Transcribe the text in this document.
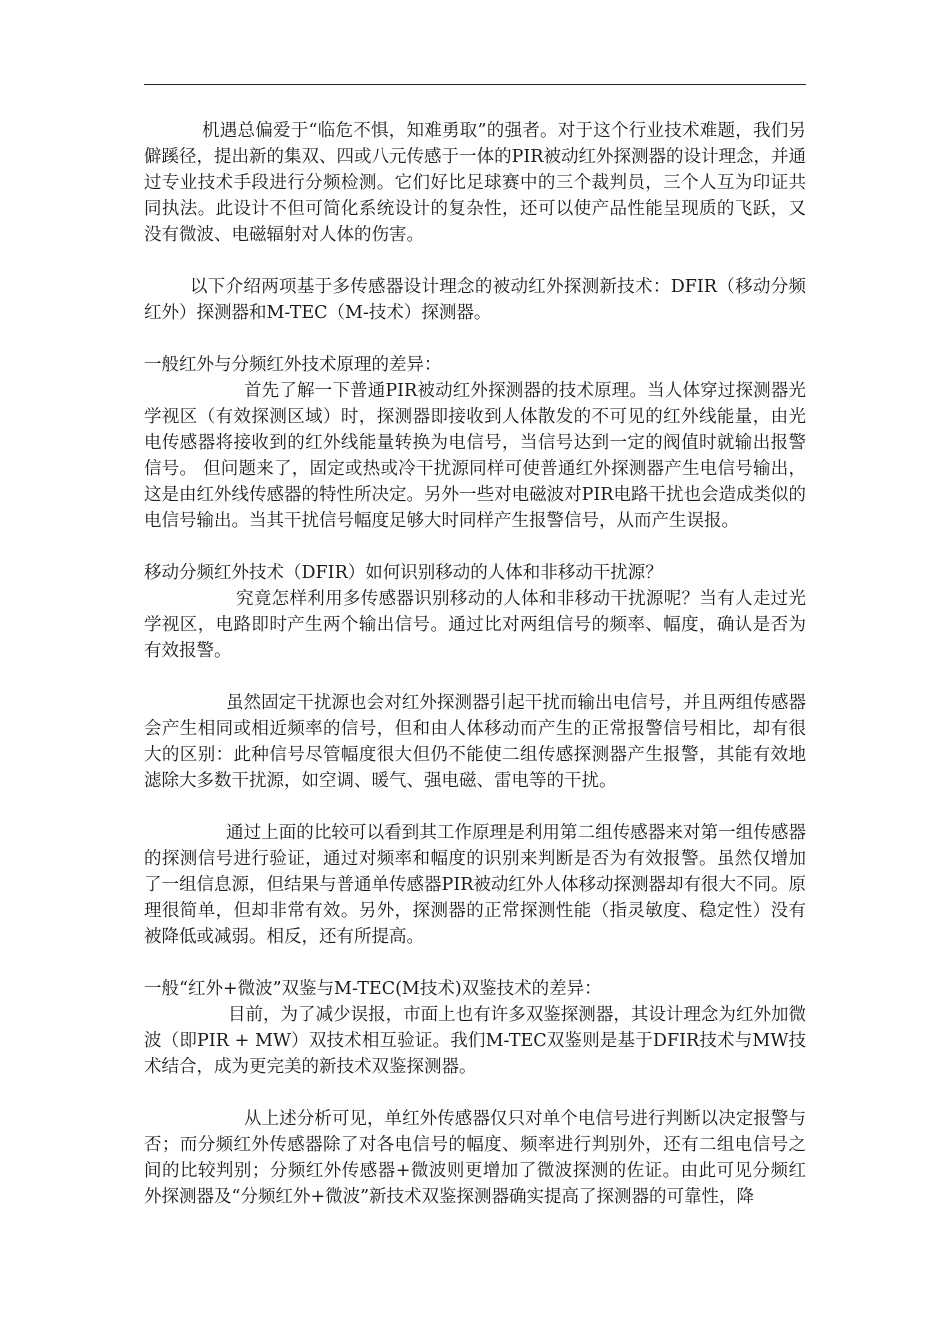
机遇总偏爱于“临危不惧，知难勇取”的强者。对于这个行业技术难题，我们另僻蹊径，提出新的集双、四或八元传感于一体的PIR被动红外探测器的设计理念，并通过专业技术手段进行分频检测。它们好比足球赛中的三个裁判员，三个人互为印证共同执法。此设计不但可简化系统设计的复杂性，还可以使产品性能呈现质的飞跃，又没有微波、电磁辐射对人体的伤害。

以下介绍两项基于多传感器设计理念的被动红外探测新技术：DFIR（移动分频红外）探测器和M-TEC（M-技术）探测器。

一般红外与分频红外技术原理的差异：

首先了解一下普通PIR被动红外探测器的技术原理。当人体穿过探测器光学视区（有效探测区域）时，探测器即接收到人体散发的不可见的红外线能量，由光电传感器将接收到的红外线能量转换为电信号，当信号达到一定的阀值时就输出报警信号。 但问题来了，固定或热或冷干扰源同样可使普通红外探测器产生电信号输出，这是由红外线传感器的特性所决定。另外一些对电磁波对PIR电路干扰也会造成类似的电信号输出。当其干扰信号幅度足够大时同样产生报警信号，从而产生误报。

移动分频红外技术（DFIR）如何识别移动的人体和非移动干扰源？

究竟怎样利用多传感器识别移动的人体和非移动干扰源呢？当有人走过光学视区，电路即时产生两个输出信号。通过比对两组信号的频率、幅度，确认是否为有效报警。

虽然固定干扰源也会对红外探测器引起干扰而输出电信号，并且两组传感器会产生相同或相近频率的信号，但和由人体移动而产生的正常报警信号相比，却有很大的区别：此种信号尽管幅度很大但仍不能使二组传感探测器产生报警，其能有效地滤除大多数干扰源，如空调、暖气、强电磁、雷电等的干扰。

通过上面的比较可以看到其工作原理是利用第二组传感器来对第一组传感器的探测信号进行验证，通过对频率和幅度的识别来判断是否为有效报警。虽然仅增加了一组信息源，但结果与普通单传感器PIR被动红外人体移动探测器却有很大不同。原理很简单，但却非常有效。另外，探测器的正常探测性能（指灵敏度、稳定性）没有被降低或减弱。相反，还有所提高。

一般“红外+微波”双鉴与M-TEC(M技术)双鉴技术的差异：

目前，为了减少误报，市面上也有许多双鉴探测器，其设计理念为红外加微波（即PIR + MW）双技术相互验证。我们M-TEC双鉴则是基于DFIR技术与MW技术结合，成为更完美的新技术双鉴探测器。

从上述分析可见，单红外传感器仅只对单个电信号进行判断以决定报警与否；而分频红外传感器除了对各电信号的幅度、频率进行判别外，还有二组电信号之间的比较判别；分频红外传感器+微波则更增加了微波探测的佐证。由此可见分频红外探测器及“分频红外+微波”新技术双鉴探测器确实提高了探测器的可靠性，降
